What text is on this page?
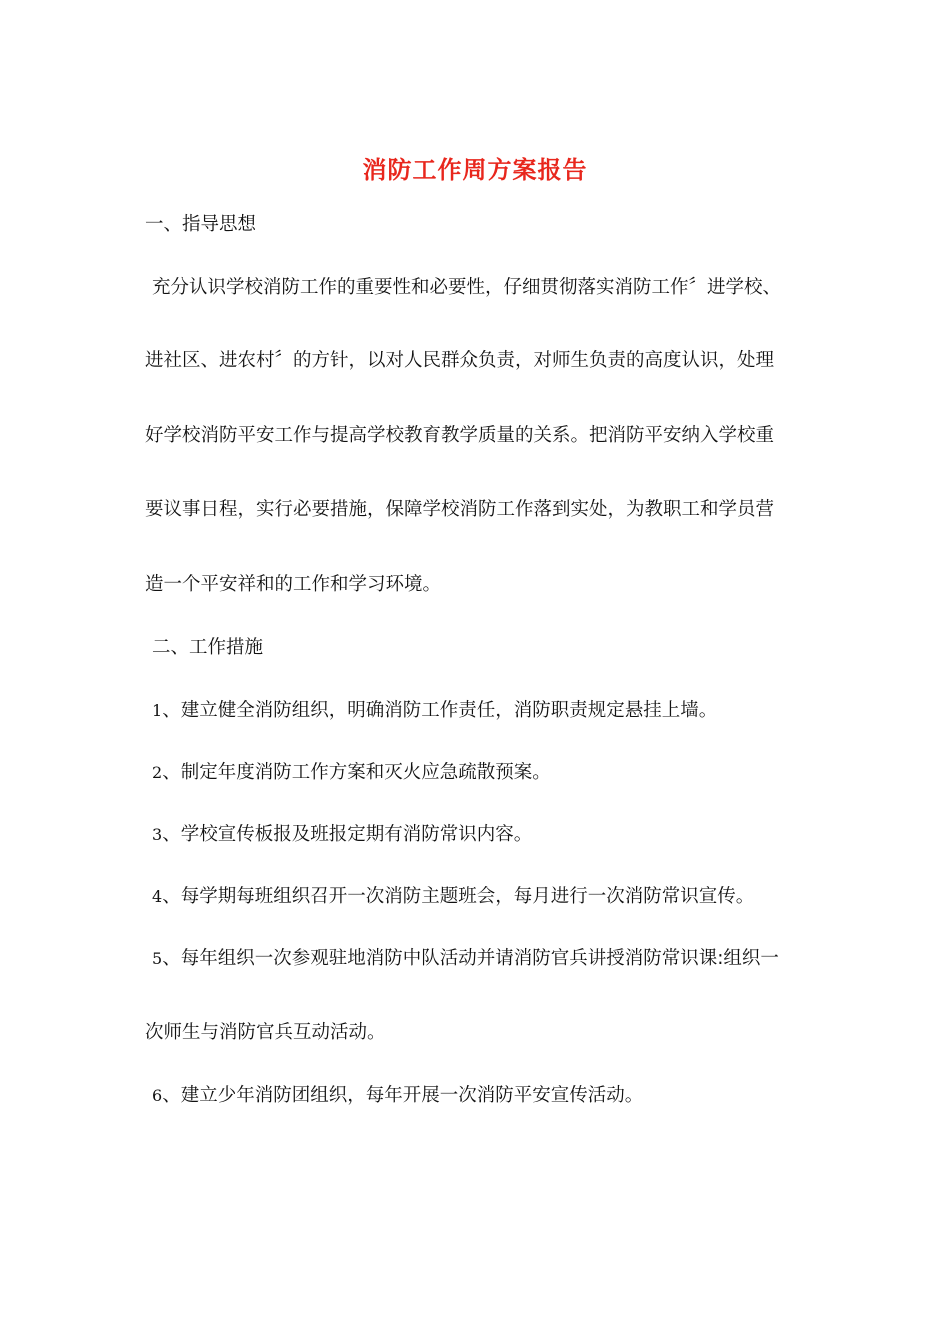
消防工作周方案报告
一、指导思想
充分认识学校消防工作的重要性和必要性，仔细贯彻落实消防工作〞进学校、
进社区、进农村〞的方针，以对人民群众负责，对师生负责的高度认识，处理
好学校消防平安工作与提高学校教育教学质量的关系。把消防平安纳入学校重
要议事日程，实行必要措施，保障学校消防工作落到实处，为教职工和学员营
造一个平安祥和的工作和学习环境。
二、工作措施
1、建立健全消防组织，明确消防工作责任，消防职责规定悬挂上墙。
2、制定年度消防工作方案和灭火应急疏散预案。
3、学校宣传板报及班报定期有消防常识内容。
4、每学期每班组织召开一次消防主题班会，每月进行一次消防常识宣传。
5、每年组织一次参观驻地消防中队活动并请消防官兵讲授消防常识课:组织一
次师生与消防官兵互动活动。
6、建立少年消防团组织，每年开展一次消防平安宣传活动。
